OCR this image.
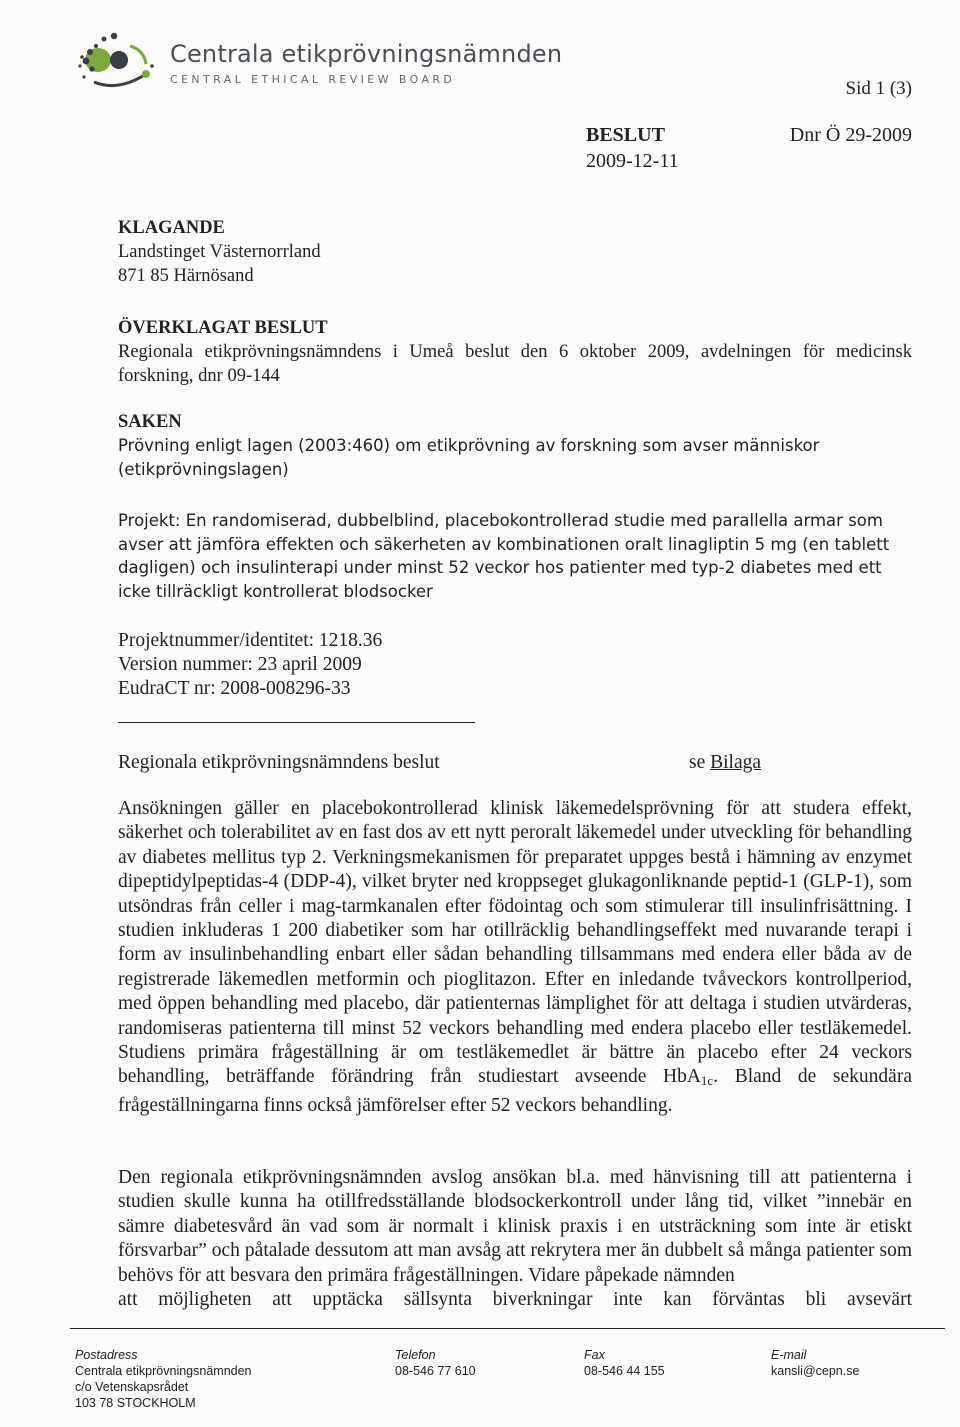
Centrala etikprövningsnämnden
CENTRAL ETHICAL REVIEW BOARD	Sid 1 (3)
BESLUT	Dnr Ö 29-2009
2009-12-11
KLAGANDE

Landstinget Västernorrland

871 85 Härnösand

ÖVERKLAGAT BESLUT

Regionala etikprövningsnämndens i Umeå beslut den 6 oktober 2009, avdelningen för medicinsk forskning, dnr 09-144

SAKEN

Prövning enligt lagen (2003:460) om etikprövning av forskning som avser människor (etikprövningslagen)

Projekt: En randomiserad, dubbelblind, placebokontrollerad studie med parallella armar som avser att jämföra effekten och säkerheten av kombinationen oralt linagliptin 5 mg (en tablett dagligen) och insulinterapi under minst 52 veckor hos patienter med typ-2 diabetes med ett icke tillräckligt kontrollerat blodsocker

Projektnummer/identitet: 1218.36

Version nummer: 23 april 2009

EudraCT nr: 2008-008296-33

Regionala etikprövningsnämndens beslut	se Bilaga
Ansökningen gäller en placebokontrollerad klinisk läkemedelsprövning för att studera effekt, säkerhet och tolerabilitet av en fast dos av ett nytt peroralt läkemedel under utveckling för behandling av diabetes mellitus typ 2. Verkningsmekanismen för preparatet uppges bestå i hämning av enzymet dipeptidylpeptidas-4 (DDP-4), vilket bryter ned kroppseget glukagonliknande peptid-1 (GLP-1), som utsöndras från celler i mag-tarmkanalen efter födointag och som stimulerar till insulinfrisättning. I studien inkluderas 1 200 diabetiker som har otillräcklig behandlingseffekt med nuvarande terapi i form av insulinbehandling enbart eller sådan behandling tillsammans med endera eller båda av de registrerade läkemedlen metformin och pioglitazon. Efter en inledande tvåveckors kontrollperiod, med öppen behandling med placebo, där patienternas lämplighet för att deltaga i studien utvärderas, randomiseras patienterna till minst 52 veckors behandling med endera placebo eller testläkemedel. Studiens primära frågeställning är om testläkemedlet är bättre än placebo efter 24 veckors behandling, beträffande förändring från studiestart avseende HbA$_{1c}$. Bland de sekundära frågeställningarna finns också jämförelser efter 52 veckors behandling.
Den regionala etikprövningsnämnden avslog ansökan bl.a. med hänvisning till att patienterna i studien skulle kunna ha otillfredsställande blodsockerkontroll under lång tid, vilket ”innebär en sämre diabetesvård än vad som är normalt i klinisk praxis i en utsträckning som inte är etiskt försvarbar” och påtalade dessutom att man avsåg att rekrytera mer än dubbelt så många patienter som behövs för att besvara den primära frågeställningen. Vidare påpekade nämnden
att möjligheten att upptäcka sällsynta biverkningar inte kan förväntas bli avsevärt
Postadress
Centrala etikprövningsnämnden
c/o Vetenskapsrådet
103 78 STOCKHOLM
Telefon
08-546 77 610
Fax
08-546 44 155
E-mail
kansli@cepn.se
